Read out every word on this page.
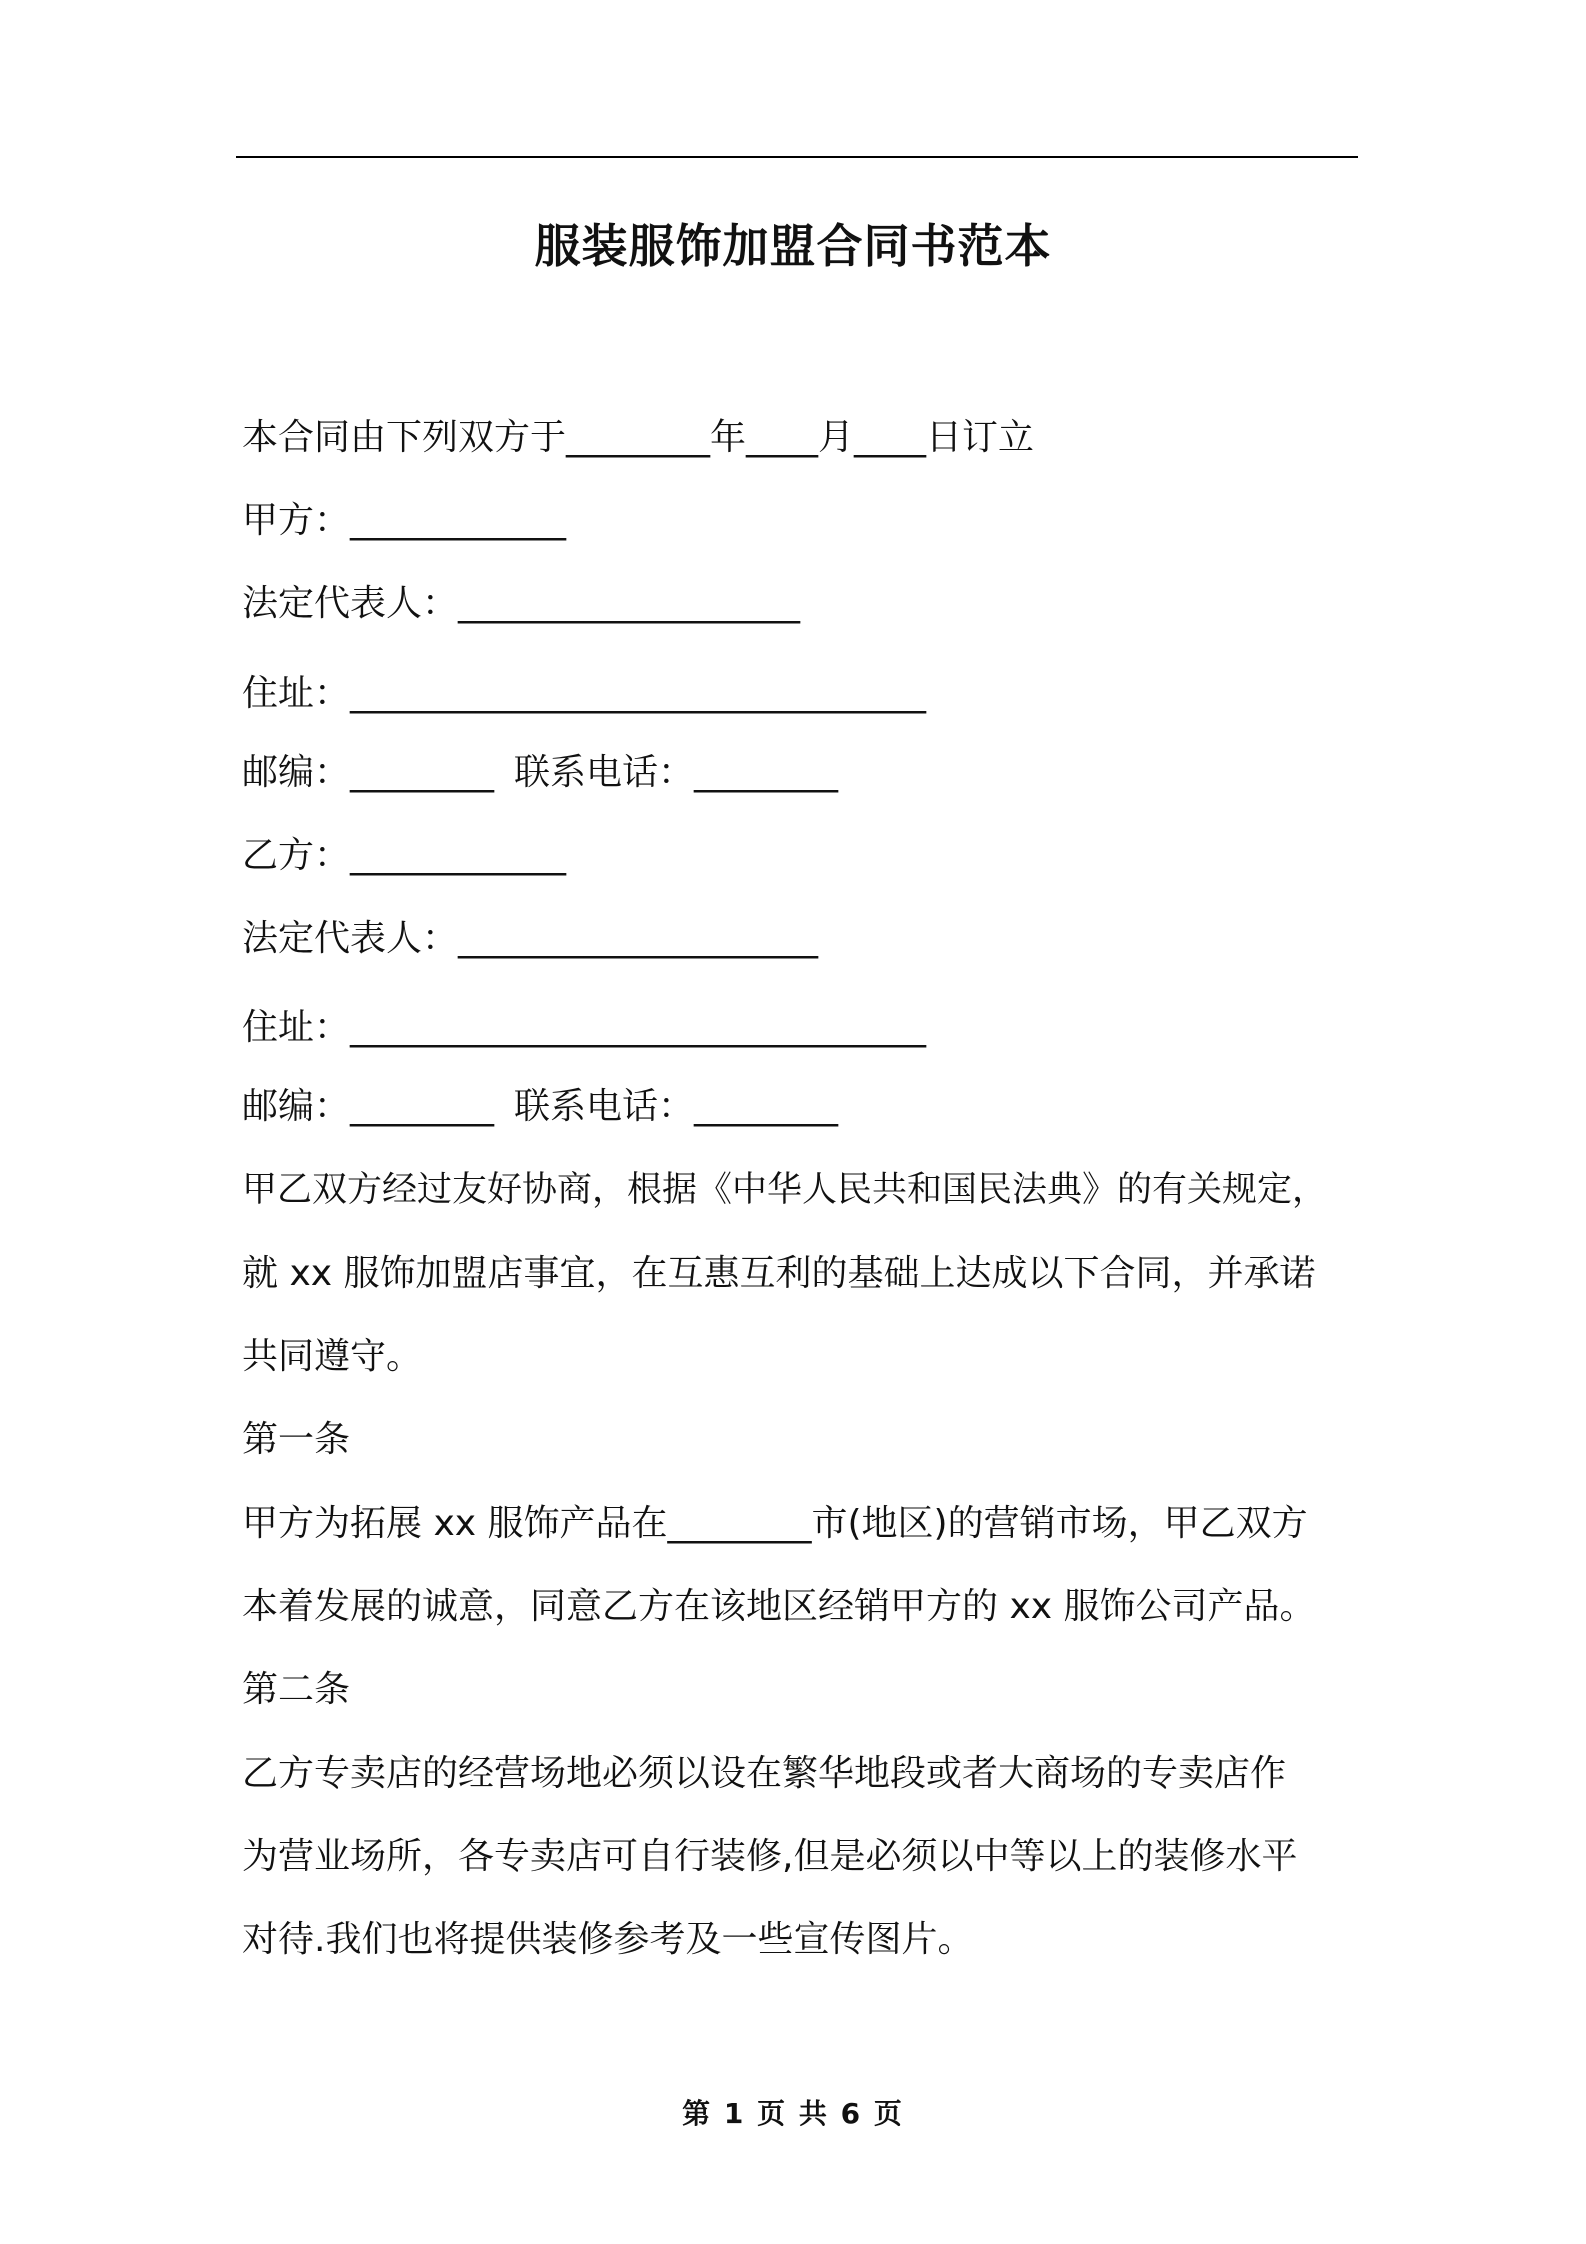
服装服饰加盟合同书范本
本合同由下列双方于________年____月____日订立
甲方：____________
法定代表人：___________________
住址：________________________________
邮编：________ 联系电话：________
乙方：____________
法定代表人：____________________
住址：________________________________
邮编：________ 联系电话：________
甲乙双方经过友好协商，根据《中华人民共和国民法典》的有关规定，
就 xx 服饰加盟店事宜，在互惠互利的基础上达成以下合同，并承诺
共同遵守。
第一条
甲方为拓展 xx 服饰产品在________市(地区)的营销市场，甲乙双方
本着发展的诚意，同意乙方在该地区经销甲方的 xx 服饰公司产品。
第二条
乙方专卖店的经营场地必须以设在繁华地段或者大商场的专卖店作
为营业场所，各专卖店可自行装修,但是必须以中等以上的装修水平
对待.我们也将提供装修参考及一些宣传图片。
第 1 页 共 6 页
